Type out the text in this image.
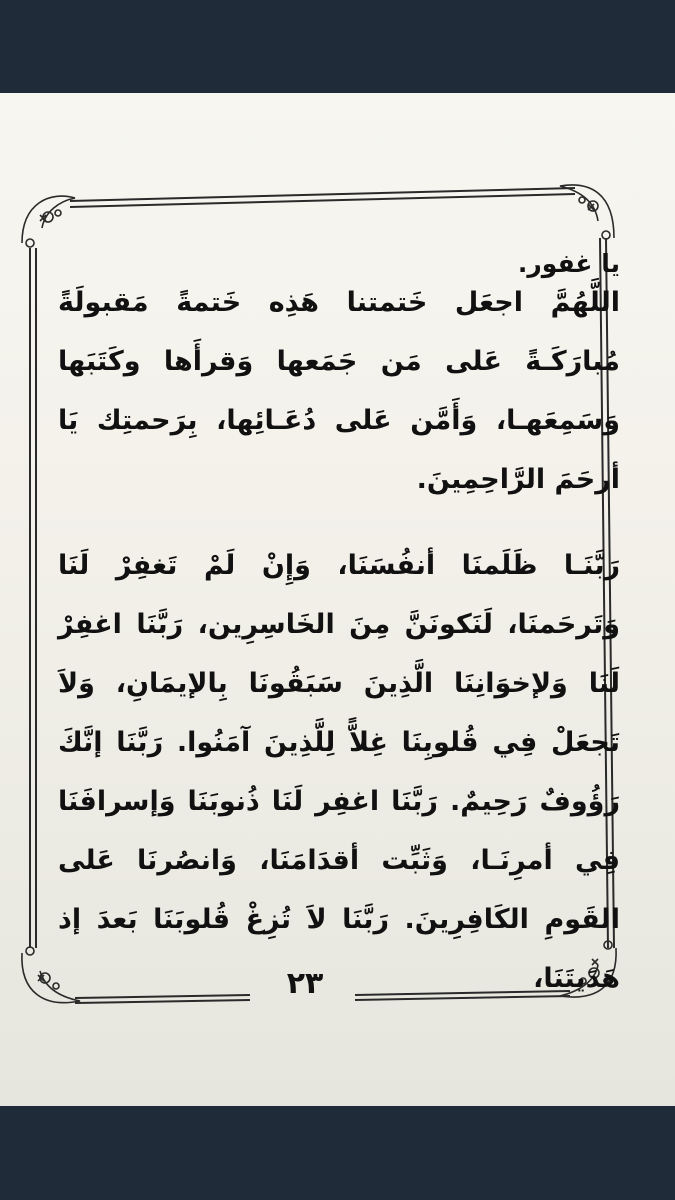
يا غفور.

اللَّهُمَّ اجعَل خَتمتنا هَذِه خَتمةً مَقبولَةً مُبارَكَـةً عَلى مَن جَمَعها وَقرأَها وكَتَبَها وَسَمِعَهـا، وَأَمَّن عَلى دُعَـائِها، بِرَحمتِك يَا أرحَمَ الرَّاحِمِينَ.

رَبَّنَـا ظَلَمنَا أنفُسَنَا، وَإِنْ لَمْ تَغفِرْ لَنَا وَتَرحَمنَا، لَنَكونَنَّ مِنَ الخَاسِرِين، رَبَّنَا اغفِرْ لَنَا وَلإخوَانِنَا الَّذِينَ سَبَقُونَا بِالإيمَانِ، وَلاَ تَجعَلْ فِي قُلوبِنَا غِلاًّ لِلَّذِينَ آمَنُوا. رَبَّنَا إنَّكَ رَؤُوفٌ رَحِيمٌ. رَبَّنَا اغفِر لَنَا ذُنوبَنَا وَإسرافَنَا فِي أمرِنَـا، وَثَبِّت أقدَامَنَا، وَانصُرنَا عَلى القَومِ الكَافِرِينَ. رَبَّنَا لاَ تُزِغْ قُلوبَنَا بَعدَ إذ هَدَيتَنَا،

٢٣
